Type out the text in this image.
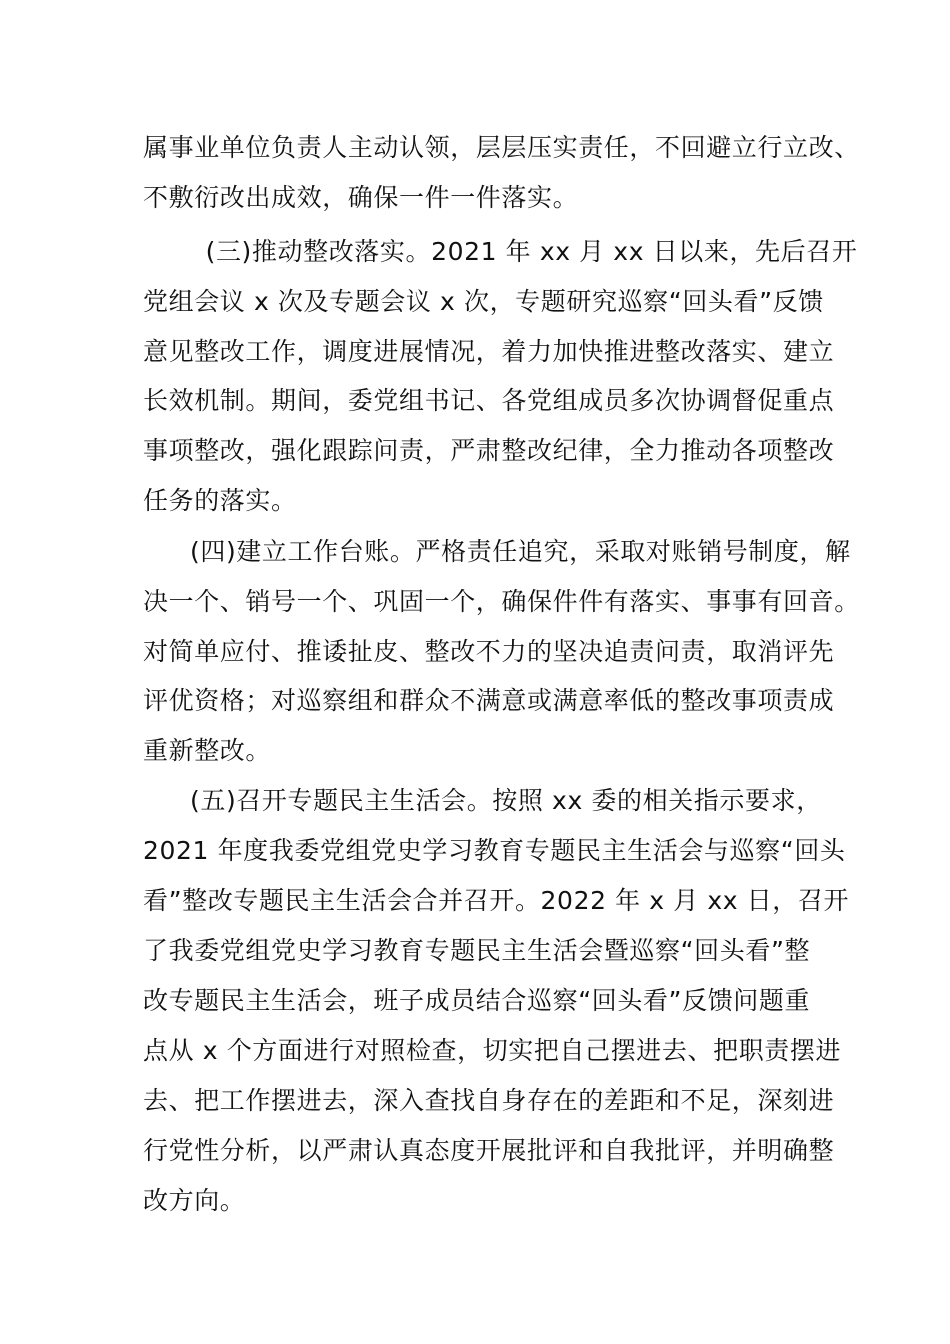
属事业单位负责人主动认领，层层压实责任，不回避立行立改、

不敷衍改出成效，确保一件一件落实。

　(三)推动整改落实。2021 年 xx 月 xx 日以来，先后召开

党组会议 x 次及专题会议 x 次，专题研究巡察“回头看”反馈

意见整改工作，调度进展情况，着力加快推进整改落实、建立

长效机制。期间，委党组书记、各党组成员多次协调督促重点

事项整改，强化跟踪问责，严肃整改纪律，全力推动各项整改

任务的落实。

(四)建立工作台账。严格责任追究，采取对账销号制度，解

决一个、销号一个、巩固一个，确保件件有落实、事事有回音。

对简单应付、推诿扯皮、整改不力的坚决追责问责，取消评先

评优资格；对巡察组和群众不满意或满意率低的整改事项责成

重新整改。

(五)召开专题民主生活会。按照 xx 委的相关指示要求，

2021 年度我委党组党史学习教育专题民主生活会与巡察“回头

看”整改专题民主生活会合并召开。2022 年 x 月 xx 日，召开

了我委党组党史学习教育专题民主生活会暨巡察“回头看”整

改专题民主生活会，班子成员结合巡察“回头看”反馈问题重

点从 x 个方面进行对照检查，切实把自己摆进去、把职责摆进

去、把工作摆进去，深入查找自身存在的差距和不足，深刻进

行党性分析，以严肃认真态度开展批评和自我批评，并明确整

改方向。
